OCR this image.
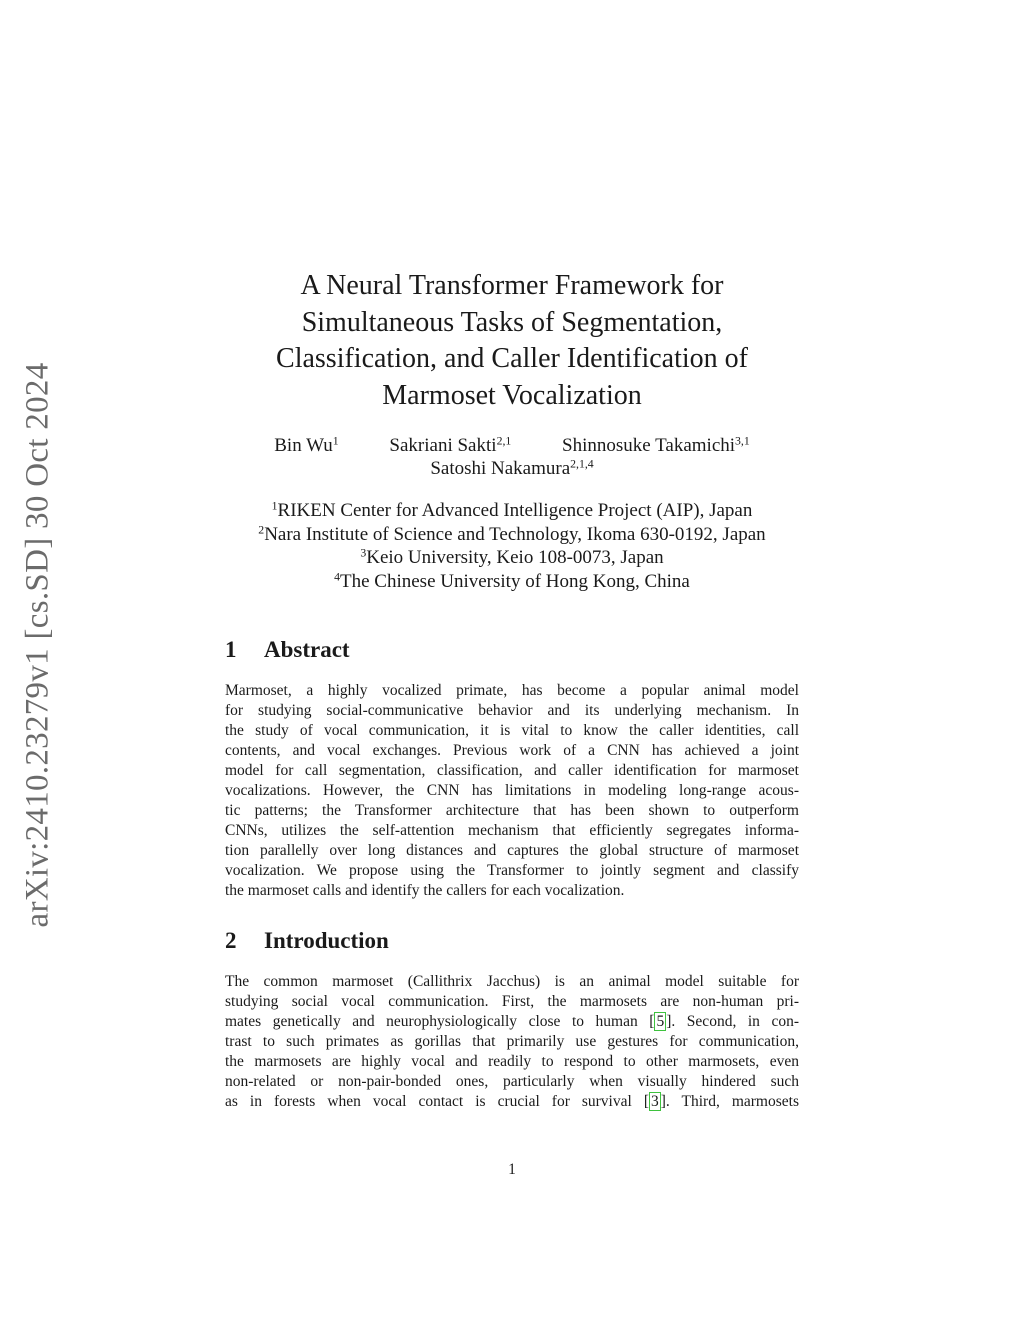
arXiv:2410.23279v1 [cs.SD] 30 Oct 2024
A Neural Transformer Framework for
Simultaneous Tasks of Segmentation,
Classification, and Caller Identification of
Marmoset Vocalization
Bin Wu$^1$	Sakriani Sakti$^{2,1}$	Shinnosuke Takamichi$^{3,1}$
Satoshi Nakamura$^{2,1,4}$
$^1$RIKEN Center for Advanced Intelligence Project (AIP), Japan
$^2$Nara Institute of Science and Technology, Ikoma 630-0192, Japan
$^3$Keio University, Keio 108-0073, Japan
$^4$The Chinese University of Hong Kong, China
1 Abstract
Marmoset, a highly vocalized primate, has become a popular animal model
for studying social-communicative behavior and its underlying mechanism. In
the study of vocal communication, it is vital to know the caller identities, call
contents, and vocal exchanges. Previous work of a CNN has achieved a joint
model for call segmentation, classification, and caller identification for marmoset
vocalizations. However, the CNN has limitations in modeling long-range acous-
tic patterns; the Transformer architecture that has been shown to outperform
CNNs, utilizes the self-attention mechanism that efficiently segregates informa-
tion parallelly over long distances and captures the global structure of marmoset
vocalization. We propose using the Transformer to jointly segment and classify
the marmoset calls and identify the callers for each vocalization.
2 Introduction
The common marmoset (Callithrix Jacchus) is an animal model suitable for
studying social vocal communication. First, the marmosets are non-human pri-
mates genetically and neurophysiologically close to human [ 5 ]. Second, in con-
trast to such primates as gorillas that primarily use gestures for communication,
the marmosets are highly vocal and readily to respond to other marmosets, even
non-related or non-pair-bonded ones, particularly when visually hindered such
as in forests when vocal contact is crucial for survival [ 3 ]. Third, marmosets
1
